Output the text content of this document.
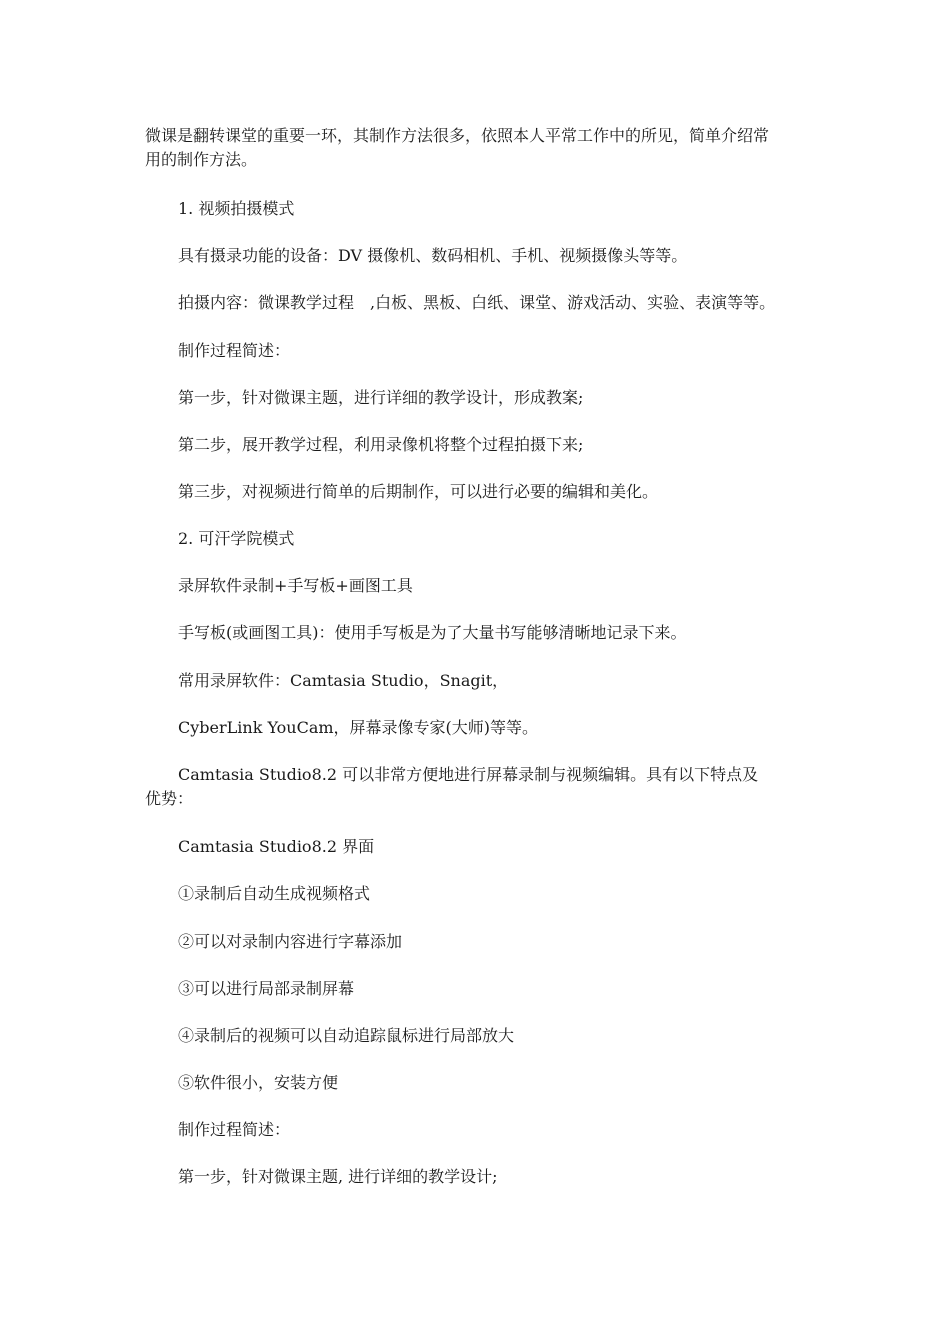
微课是翻转课堂的重要一环，其制作方法很多，依照本人平常工作中的所见，简单介绍常用的制作方法。

1. 视频拍摄模式

具有摄录功能的设备：DV 摄像机、数码相机、手机、视频摄像头等等。

拍摄内容：微课教学过程　,白板、黑板、白纸、课堂、游戏活动、实验、表演等等。

制作过程简述：

第一步，针对微课主题，进行详细的教学设计，形成教案;

第二步，展开教学过程，利用录像机将整个过程拍摄下来;

第三步，对视频进行简单的后期制作，可以进行必要的编辑和美化。

2. 可汗学院模式

录屏软件录制+手写板+画图工具

手写板(或画图工具)：使用手写板是为了大量书写能够清晰地记录下来。

常用录屏软件：Camtasia Studio，Snagit，

CyberLink YouCam，屏幕录像专家(大师)等等。

Camtasia Studio8.2 可以非常方便地进行屏幕录制与视频编辑。具有以下特点及优势：

Camtasia Studio8.2 界面

①录制后自动生成视频格式

②可以对录制内容进行字幕添加

③可以进行局部录制屏幕

④录制后的视频可以自动追踪鼠标进行局部放大

⑤软件很小，安装方便

制作过程简述：

第一步，针对微课主题, 进行详细的教学设计;
